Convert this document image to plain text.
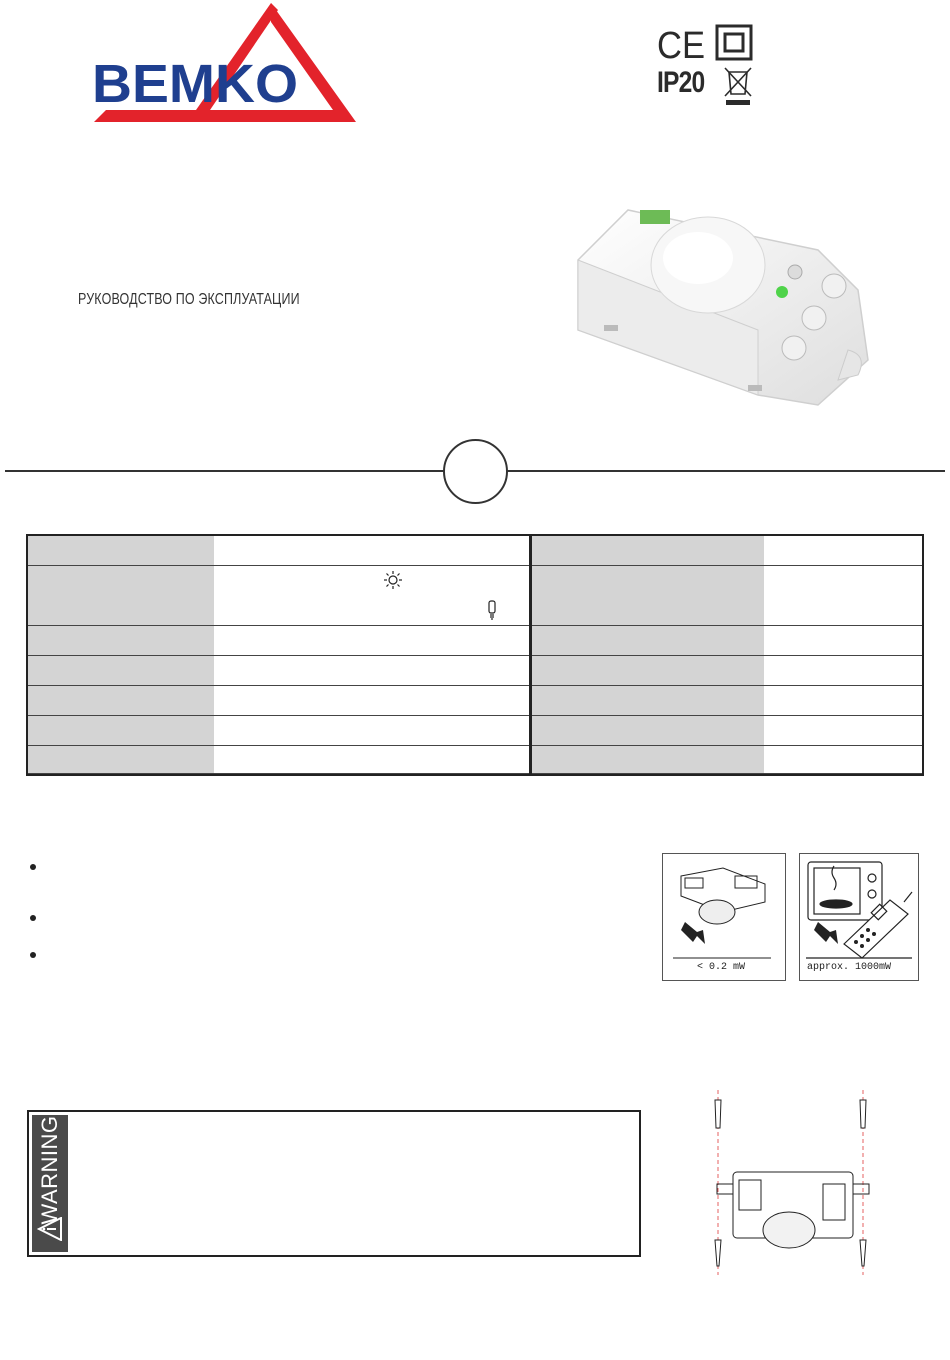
BEMKO
CE
IP20
РУКОВОДСТВО ПО ЭКСПЛУАТАЦИИ
< 0.2 mW	approx. 1000mW
WARNING
